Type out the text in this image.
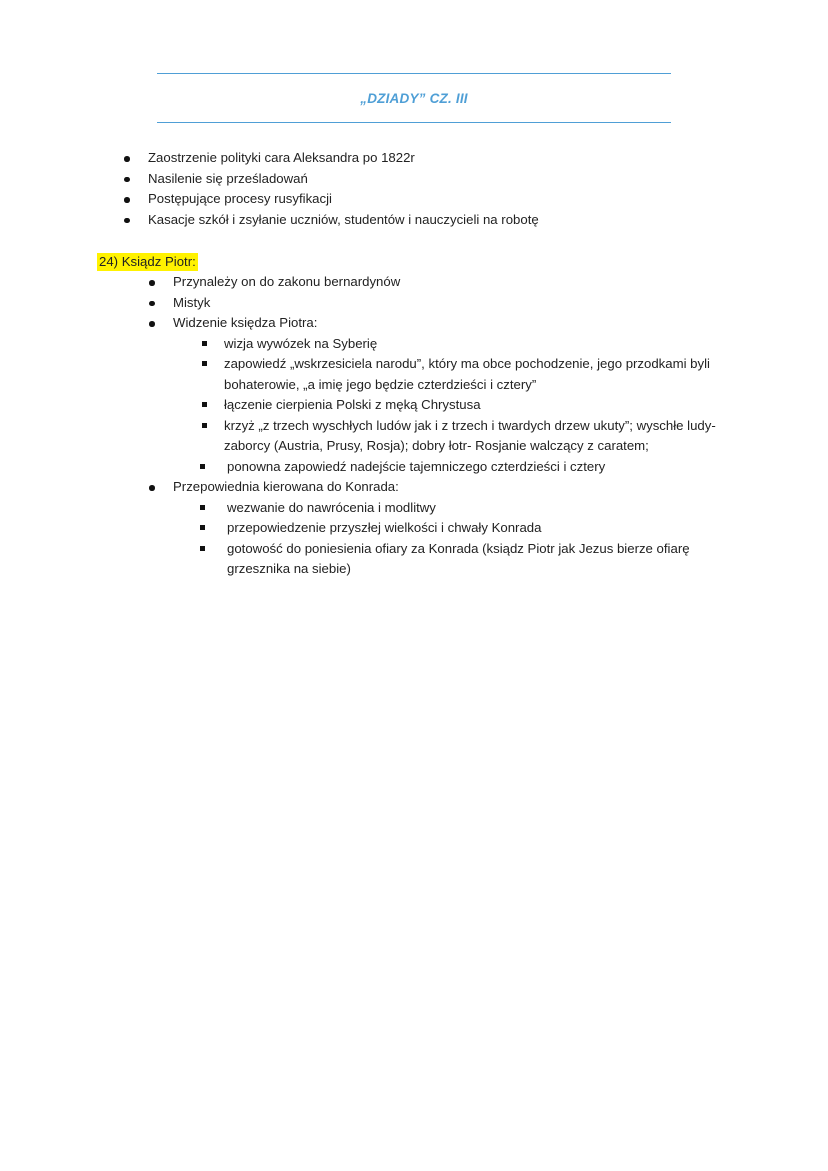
„DZIADY” CZ. III
Zaostrzenie polityki cara Aleksandra po 1822r
Nasilenie się prześladowań
Postępujące procesy rusyfikacji
Kasacje szkół i zsyłanie uczniów, studentów i nauczycieli na robotę
24) Ksiądz Piotr:
Przynależy on do zakonu bernardynów
Mistyk
Widzenie księdza Piotra:
wizja wywózek na Syberię
zapowiedź „wskrzesiciela narodu”, który ma obce pochodzenie, jego przodkami byli bohaterowie, „a imię jego będzie czterdzieści i cztery”
łączenie cierpienia Polski z męką Chrystusa
krzyż „z trzech wyschłych ludów jak i z trzech i twardych drzew ukuty”; wyschłe ludy- zaborcy (Austria, Prusy, Rosja); dobry łotr- Rosjanie walczący z caratem;
ponowna zapowiedź nadejście tajemniczego czterdzieści i cztery
Przepowiednia kierowana do Konrada:
wezwanie do nawrócenia i modlitwy
przepowiedzenie przyszłej wielkości i chwały Konrada
gotowość do poniesienia ofiary za Konrada (ksiądz Piotr jak Jezus bierze ofiarę grzesznika na siebie)
